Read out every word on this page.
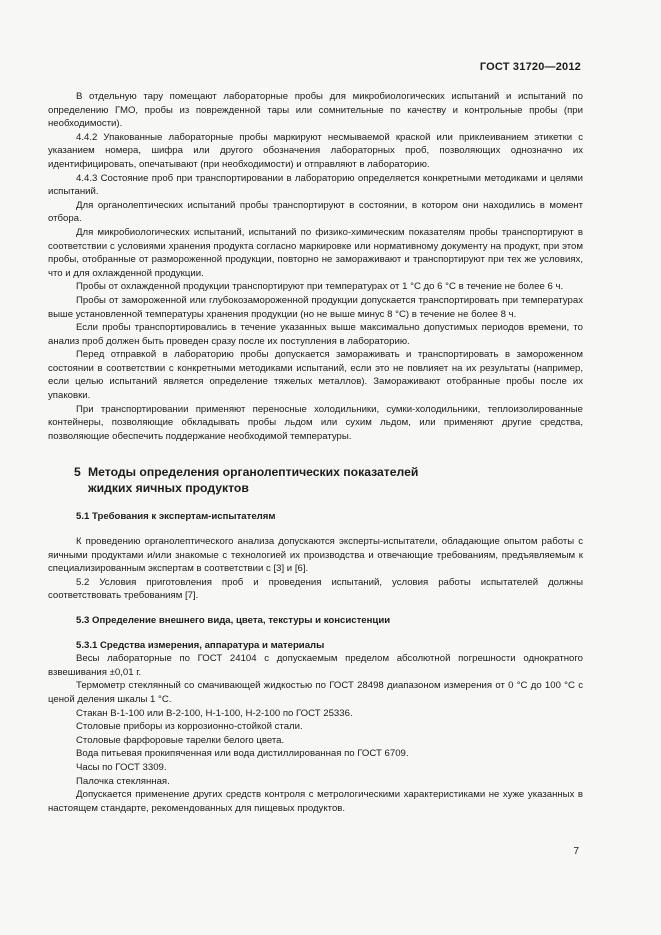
ГОСТ 31720—2012

В отдельную тару помещают лабораторные пробы для микробиологических испытаний и испытаний по определению ГМО, пробы из поврежденной тары или сомнительные по качеству и контрольные пробы (при необходимости).

4.4.2 Упакованные лабораторные пробы маркируют несмываемой краской или приклеиванием этикетки с указанием номера, шифра или другого обозначения лабораторных проб, позволяющих однозначно их идентифицировать, опечатывают (при необходимости) и отправляют в лабораторию.

4.4.3 Состояние проб при транспортировании в лабораторию определяется конкретными методиками и целями испытаний.

Для органолептических испытаний пробы транспортируют в состоянии, в котором они находились в момент отбора.

Для микробиологических испытаний, испытаний по физико-химическим показателям пробы транспортируют в соответствии с условиями хранения продукта согласно маркировке или нормативному документу на продукт, при этом пробы, отобранные от размороженной продукции, повторно не замораживают и транспортируют при тех же условиях, что и для охлажденной продукции.

Пробы от охлажденной продукции транспортируют при температурах от 1 °С до 6 °С в течение не более 6 ч.

Пробы от замороженной или глубокозамороженной продукции допускается транспортировать при температурах выше установленной температуры хранения продукции (но не выше минус 8 °С) в течение не более 8 ч.

Если пробы транспортировались в течение указанных выше максимально допустимых периодов времени, то анализ проб должен быть проведен сразу после их поступления в лабораторию.

Перед отправкой в лабораторию пробы допускается замораживать и транспортировать в замороженном состоянии в соответствии с конкретными методиками испытаний, если это не повлияет на их результаты (например, если целью испытаний является определение тяжелых металлов). Замораживают отобранные пробы после их упаковки.

При транспортировании применяют переносные холодильники, сумки-холодильники, теплоизолированные контейнеры, позволяющие обкладывать пробы льдом или сухим льдом, или применяют другие средства, позволяющие обеспечить поддержание необходимой температуры.

5 Методы определения органолептических показателей
жидких яичных продуктов

5.1 Требования к экспертам-испытателям

К проведению органолептического анализа допускаются эксперты-испытатели, обладающие опытом работы с яичными продуктами и/или знакомые с технологией их производства и отвечающие требованиям, предъявляемым к специализированным экспертам в соответствии с [3] и [6].

5.2 Условия приготовления проб и проведения испытаний, условия работы испытателей должны соответствовать требованиям [7].

5.3 Определение внешнего вида, цвета, текстуры и консистенции

5.3.1 Средства измерения, аппаратура и материалы

Весы лабораторные по ГОСТ 24104 с допускаемым пределом абсолютной погрешности однократного взвешивания ±0,01 г.

Термометр стеклянный со смачивающей жидкостью по ГОСТ 28498 диапазоном измерения от 0 °С до 100 °С с ценой деления шкалы 1 °С.

Стакан В-1-100 или В-2-100, Н-1-100, Н-2-100 по ГОСТ 25336.

Столовые приборы из коррозионно-стойкой стали.

Столовые фарфоровые тарелки белого цвета.

Вода питьевая прокипяченная или вода дистиллированная по ГОСТ 6709.

Часы по ГОСТ 3309.

Палочка стеклянная.

Допускается применение других средств контроля с метрологическими характеристиками не хуже указанных в настоящем стандарте, рекомендованных для пищевых продуктов.

7
